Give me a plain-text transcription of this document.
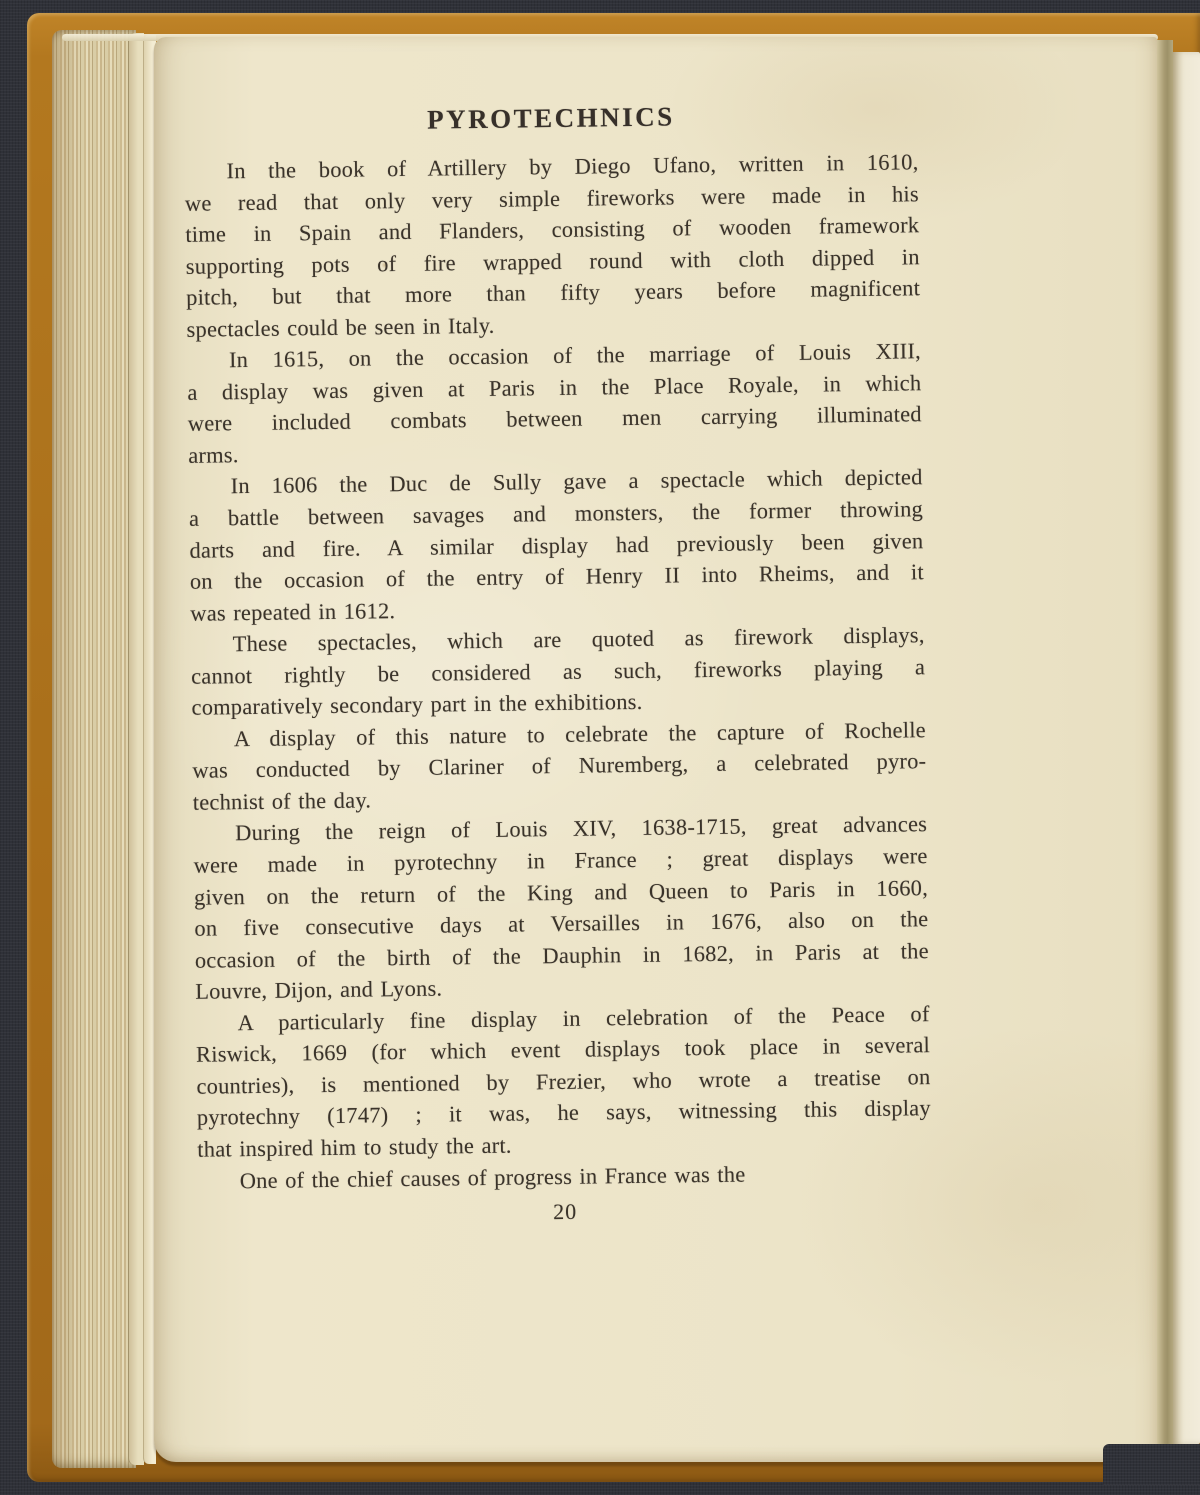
PYROTECHNICS
In the book of Artillery by Diego Ufano, written in 1610,
we read that only very simple fireworks were made in his
time in Spain and Flanders, consisting of wooden framework
supporting pots of fire wrapped round with cloth dipped in
pitch, but that more than fifty years before magnificent
spectacles could be seen in Italy.
In 1615, on the occasion of the marriage of Louis XIII,
a display was given at Paris in the Place Royale, in which
were included combats between men carrying illuminated
arms.
In 1606 the Duc de Sully gave a spectacle which depicted
a battle between savages and monsters, the former throwing
darts and fire. A similar display had previously been given
on the occasion of the entry of Henry II into Rheims, and it
was repeated in 1612.
These spectacles, which are quoted as firework displays,
cannot rightly be considered as such, fireworks playing a
comparatively secondary part in the exhibitions.
A display of this nature to celebrate the capture of Rochelle
was conducted by Clariner of Nuremberg, a celebrated pyro-
technist of the day.
During the reign of Louis XIV, 1638-1715, great advances
were made in pyrotechny in France ; great displays were
given on the return of the King and Queen to Paris in 1660,
on five consecutive days at Versailles in 1676, also on the
occasion of the birth of the Dauphin in 1682, in Paris at the
Louvre, Dijon, and Lyons.
A particularly fine display in celebration of the Peace of
Riswick, 1669 (for which event displays took place in several
countries), is mentioned by Frezier, who wrote a treatise on
pyrotechny (1747) ; it was, he says, witnessing this display
that inspired him to study the art.
One of the chief causes of progress in France was the
20
